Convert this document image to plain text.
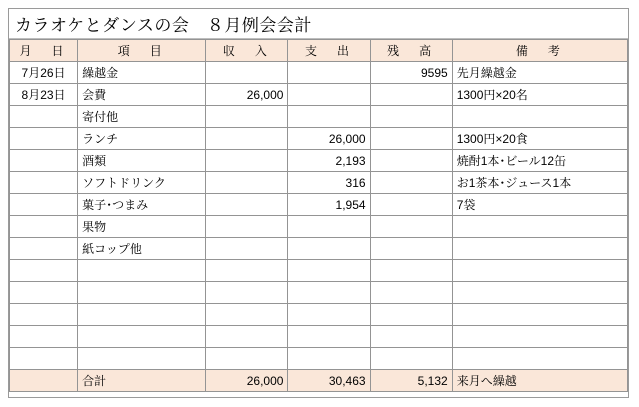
カラオケとダンスの会　８月例会会計
月　日	項　目	収　入	支　出	残　高	備　考
7月26日	繰越金			9595	先月繰越金
8月23日	会費	26,000			1300円×20名
	寄付他				
	ランチ		26,000		1300円×20食
	酒類		2,193		焼酎1本･ビール12缶
	ソフトドリンク		316		お1茶本･ジュース1本
	菓子･つまみ		1,954		7袋
	果物				
	紙コップ他				

	合計	26,000	30,463	5,132	来月へ繰越
